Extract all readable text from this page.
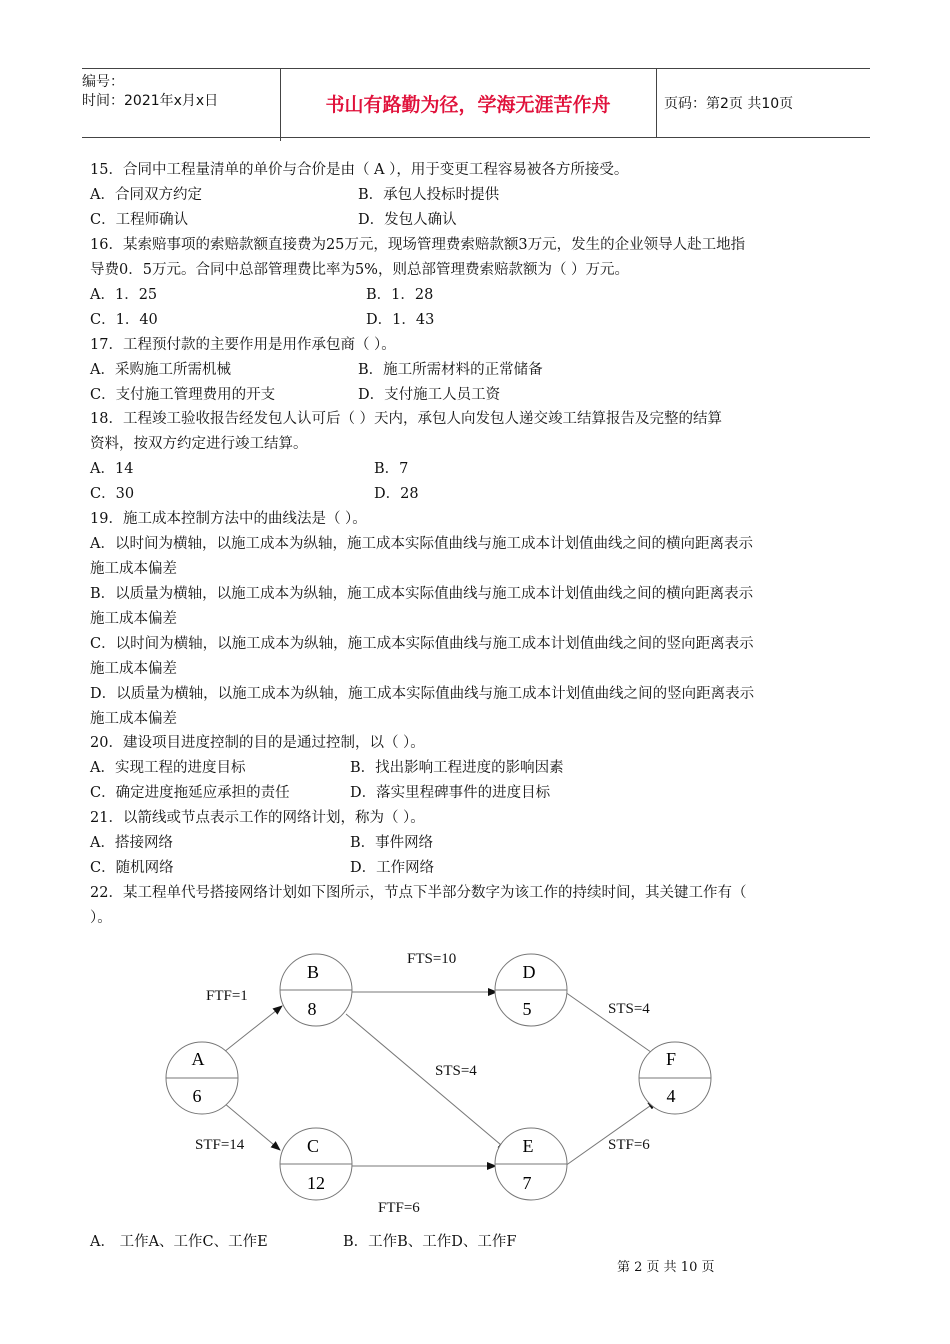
编号：
时间：2021年x月x日	书山有路勤为径，学海无涯苦作舟	页码：第2页 共10页
15．合同中工程量清单的单价与合价是由（ A ），用于变更工程容易被各方所接受。
A．合同双方约定	B．承包人投标时提供
C．工程师确认	D．发包人确认
16．某索赔事项的索赔款额直接费为25万元，现场管理费索赔款额3万元，发生的企业领导人赴工地指
导费0．5万元。合同中总部管理费比率为5%，则总部管理费索赔款额为（ ）万元。
A．1．25	B．1．28
C．1．40	D．1．43
17．工程预付款的主要作用是用作承包商（ ）。
A．采购施工所需机械	B．施工所需材料的正常储备
C．支付施工管理费用的开支	D．支付施工人员工资
18．工程竣工验收报告经发包人认可后（ ）天内，承包人向发包人递交竣工结算报告及完整的结算
资料，按双方约定进行竣工结算。
A．14	B．7
C．30	D．28
19．施工成本控制方法中的曲线法是（ ）。
A．以时间为横轴，以施工成本为纵轴，施工成本实际值曲线与施工成本计划值曲线之间的横向距离表示
施工成本偏差
B．以质量为横轴，以施工成本为纵轴，施工成本实际值曲线与施工成本计划值曲线之间的横向距离表示
施工成本偏差
C．以时间为横轴，以施工成本为纵轴，施工成本实际值曲线与施工成本计划值曲线之间的竖向距离表示
施工成本偏差
D．以质量为横轴，以施工成本为纵轴，施工成本实际值曲线与施工成本计划值曲线之间的竖向距离表示
施工成本偏差
20．建设项目进度控制的目的是通过控制，以（ ）。
A．实现工程的进度目标	B．找出影响工程进度的影响因素
C．确定进度拖延应承担的责任	D．落实里程碑事件的进度目标
21．以箭线或节点表示工作的网络计划，称为（ ）。
A．搭接网络	B．事件网络
C．随机网络	D．工作网络
22．某工程单代号搭接网络计划如下图所示，节点下半部分数字为该工作的持续时间，其关键工作有（
）。
FTF=1
STF=14
FTS=10
STS=4
FTF=6
STS=4
STF=6
A
6
B
8
C
12
D
5
E
7
F
4
A． 工作A、工作C、工作E	B．工作B、工作D、工作F
第 2 页 共 10 页
